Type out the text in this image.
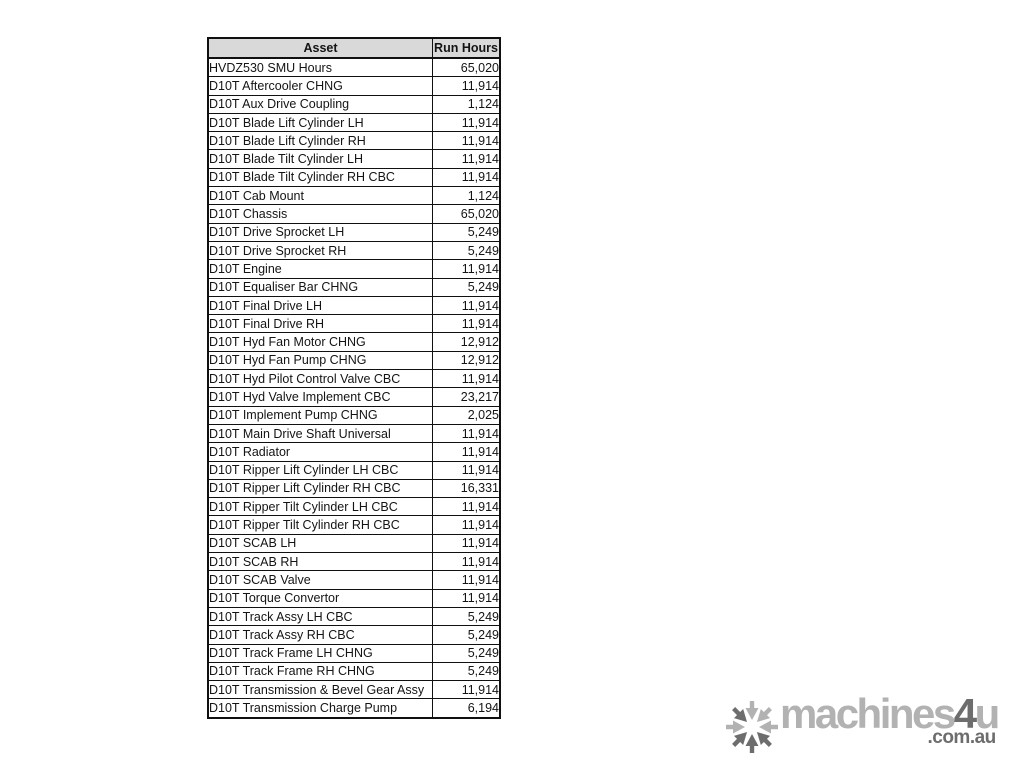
Asset	Run Hours
HVDZ530 SMU Hours	65,020
D10T Aftercooler CHNG	11,914
D10T Aux Drive Coupling	1,124
D10T Blade Lift Cylinder LH	11,914
D10T Blade Lift Cylinder RH	11,914
D10T Blade Tilt Cylinder LH	11,914
D10T Blade Tilt Cylinder RH CBC	11,914
D10T Cab Mount	1,124
D10T Chassis	65,020
D10T Drive Sprocket LH	5,249
D10T Drive Sprocket RH	5,249
D10T Engine	11,914
D10T Equaliser Bar CHNG	5,249
D10T Final Drive LH	11,914
D10T Final Drive RH	11,914
D10T Hyd Fan Motor CHNG	12,912
D10T Hyd Fan Pump CHNG	12,912
D10T Hyd Pilot Control Valve CBC	11,914
D10T Hyd Valve Implement CBC	23,217
D10T Implement Pump CHNG	2,025
D10T Main Drive Shaft Universal	11,914
D10T Radiator	11,914
D10T Ripper Lift Cylinder LH CBC	11,914
D10T Ripper Lift Cylinder RH CBC	16,331
D10T Ripper Tilt Cylinder LH CBC	11,914
D10T Ripper Tilt Cylinder RH CBC	11,914
D10T SCAB LH	11,914
D10T SCAB RH	11,914
D10T SCAB Valve	11,914
D10T Torque Convertor	11,914
D10T Track Assy LH CBC	5,249
D10T Track Assy RH CBC	5,249
D10T Track Frame LH CHNG	5,249
D10T Track Frame RH CHNG	5,249
D10T Transmission & Bevel Gear Assy	11,914
D10T Transmission Charge Pump	6,194	machines4u
.com.au
